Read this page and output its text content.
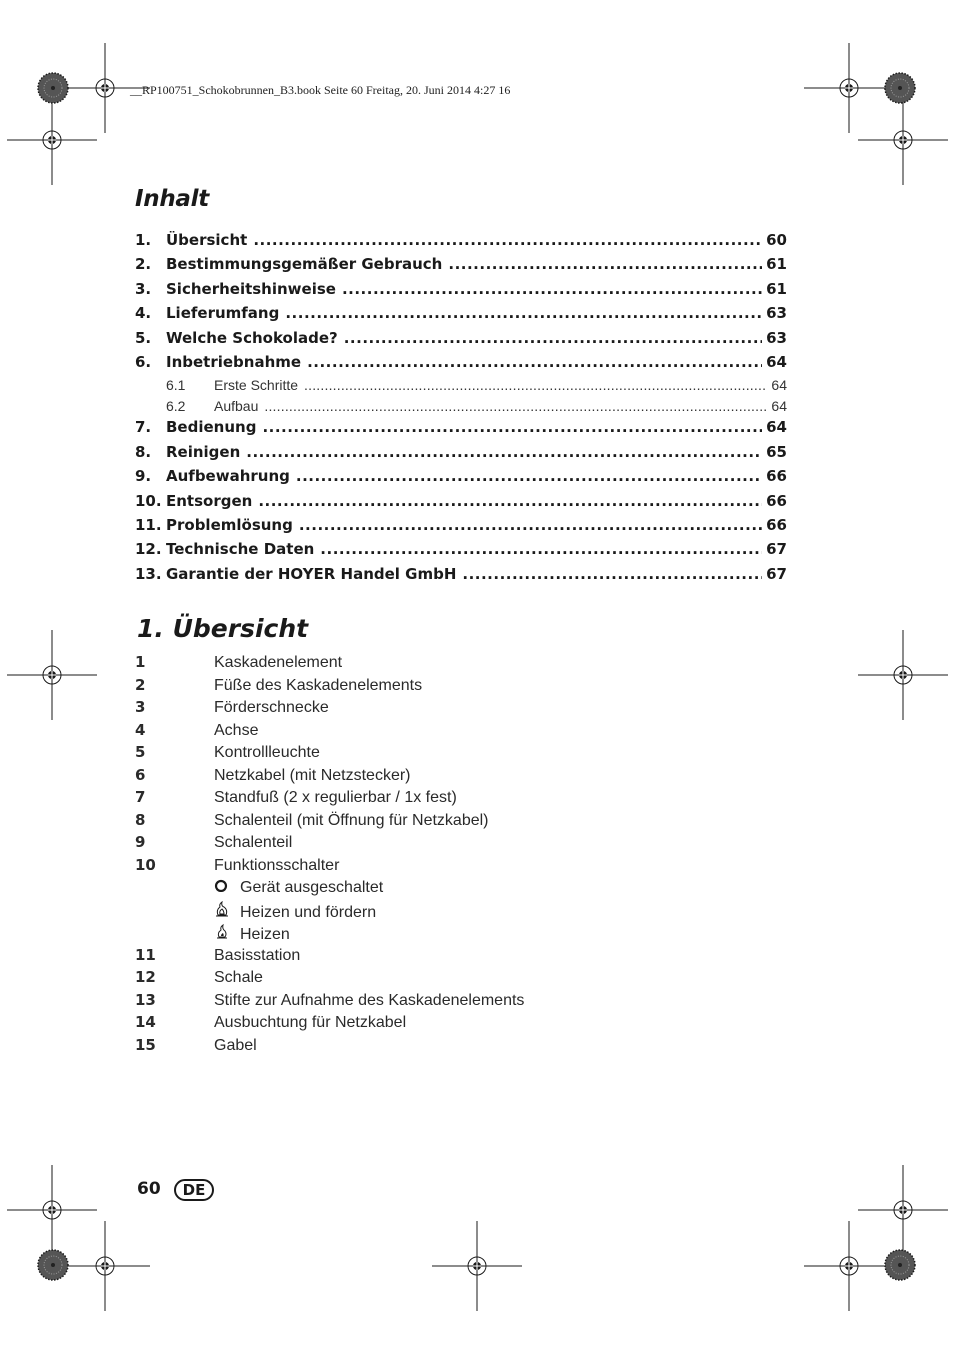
__RP100751_Schokobrunnen_B3.book Seite 60 Freitag, 20. Juni 2014 4:27 16
Inhalt
1. Übersicht .....	60
2. Bestimmungsgemäßer Gebrauch .....	61
3. Sicherheitshinweise .....	61
4. Lieferumfang .....	63
5. Welche Schokolade? .....	63
6. Inbetriebnahme .....	64
6.1	Erste Schritte .....	64
6.2	Aufbau .....	64
7. Bedienung .....	64
8. Reinigen .....	65
9. Aufbewahrung .....	66
10. Entsorgen .....	66
11. Problemlösung .....	66
12. Technische Daten .....	67
13. Garantie der HOYER Handel GmbH .....	67
1. Übersicht
1	Kaskadenelement
2	Füße des Kaskadenelements
3	Förderschnecke
4	Achse
5	Kontrollleuchte
6	Netzkabel (mit Netzstecker)
7	Standfuß (2 x regulierbar / 1x fest)
8	Schalenteil (mit Öffnung für Netzkabel)
9	Schalenteil
10	Funktionsschalter
Gerät ausgeschaltet
Heizen und fördern
Heizen
11	Basisstation
12	Schale
13	Stifte zur Aufnahme des Kaskadenelements
14	Ausbuchtung für Netzkabel
15	Gabel
60	DE
